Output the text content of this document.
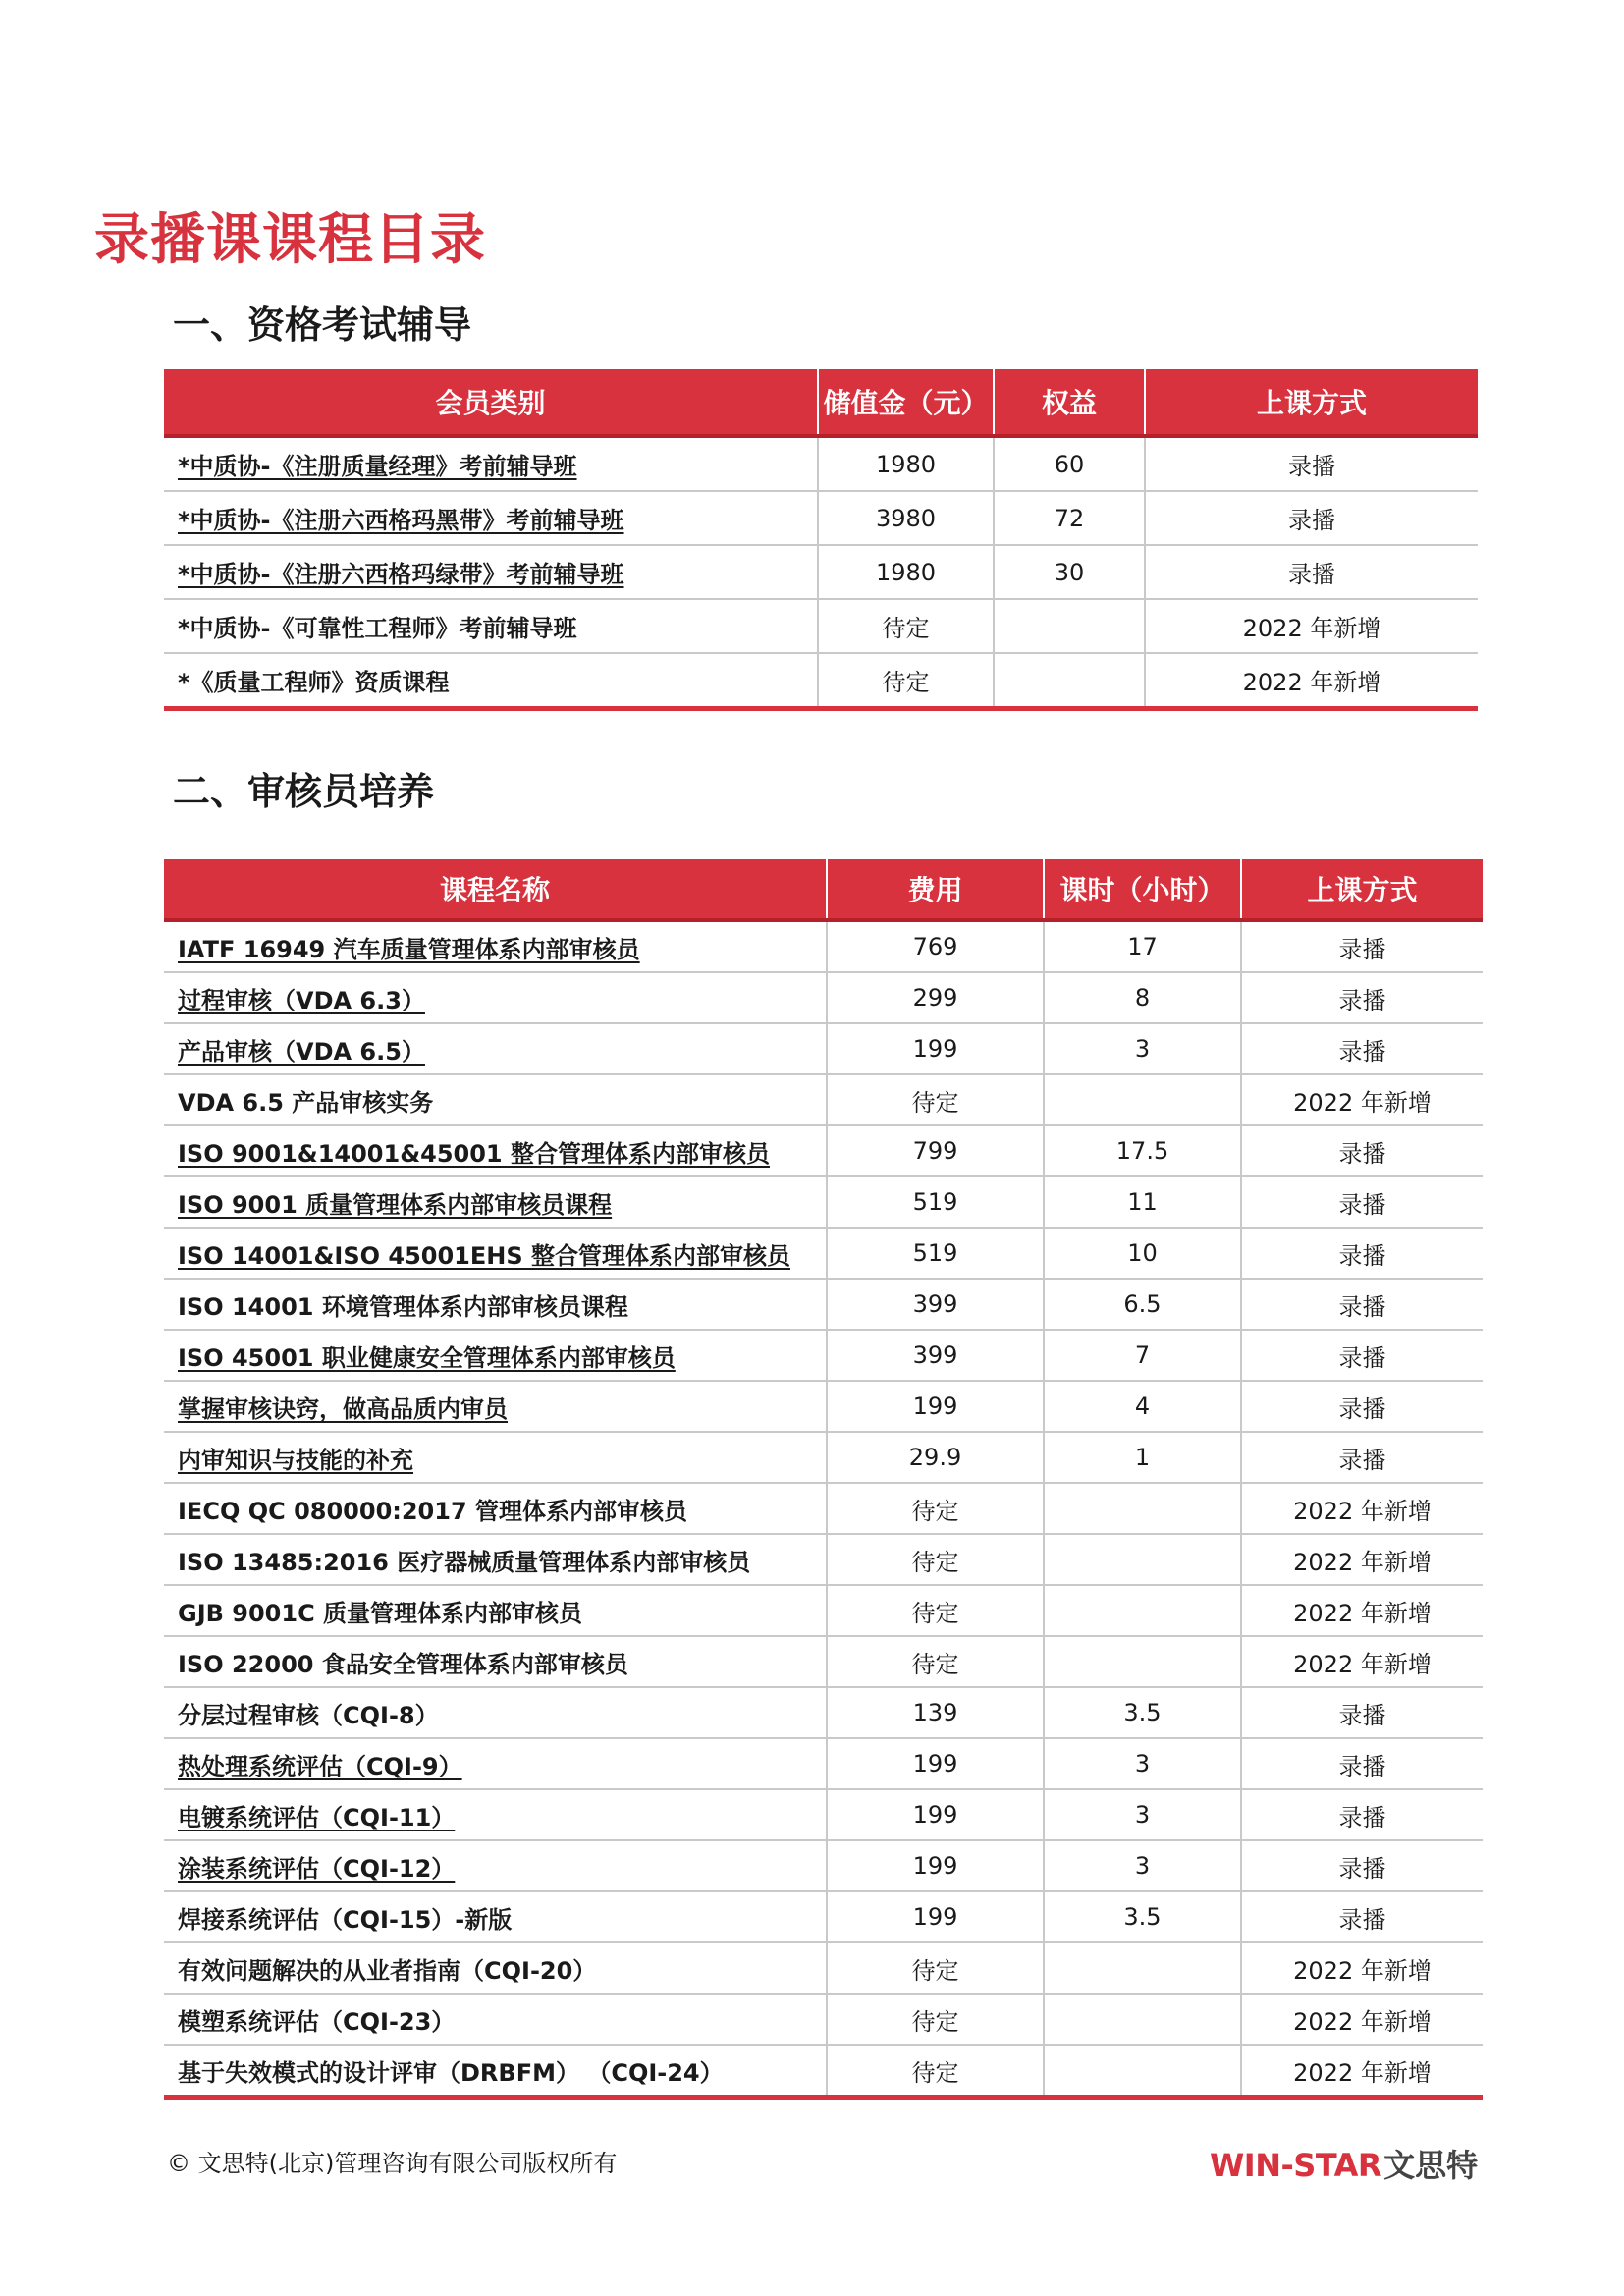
录播课课程目录
一、资格考试辅导
会员类别	储值金（元）	权益	上课方式
*中质协-《注册质量经理》考前辅导班	1980	60	录播
*中质协-《注册六西格玛黑带》考前辅导班	3980	72	录播
*中质协-《注册六西格玛绿带》考前辅导班	1980	30	录播
*中质协-《可靠性工程师》考前辅导班	待定		2022 年新增
*《质量工程师》资质课程	待定		2022 年新增
二、审核员培养
课程名称	费用	课时（小时）	上课方式
IATF 16949 汽车质量管理体系内部审核员	769	17	录播
过程审核（VDA 6.3）	299	8	录播
产品审核（VDA 6.5）	199	3	录播
VDA 6.5 产品审核实务	待定		2022 年新增
ISO 9001&14001&45001 整合管理体系内部审核员	799	17.5	录播
ISO 9001 质量管理体系内部审核员课程	519	11	录播
ISO 14001&ISO 45001EHS 整合管理体系内部审核员	519	10	录播
ISO 14001 环境管理体系内部审核员课程	399	6.5	录播
ISO 45001 职业健康安全管理体系内部审核员	399	7	录播
掌握审核诀窍，做高品质内审员	199	4	录播
内审知识与技能的补充	29.9	1	录播
IECQ QC 080000:2017 管理体系内部审核员	待定		2022 年新增
ISO 13485:2016 医疗器械质量管理体系内部审核员	待定		2022 年新增
GJB 9001C 质量管理体系内部审核员	待定		2022 年新增
ISO 22000 食品安全管理体系内部审核员	待定		2022 年新增
分层过程审核（CQI-8）	139	3.5	录播
热处理系统评估（CQI-9）	199	3	录播
电镀系统评估（CQI-11）	199	3	录播
涂装系统评估（CQI-12）	199	3	录播
焊接系统评估（CQI-15）-新版	199	3.5	录播
有效问题解决的从业者指南（CQI-20）	待定		2022 年新增
模塑系统评估（CQI-23）	待定		2022 年新增
基于失效模式的设计评审（DRBFM） （CQI-24）	待定		2022 年新增
© 文思特(北京)管理咨询有限公司版权所有	WIN-STAR 文思特
